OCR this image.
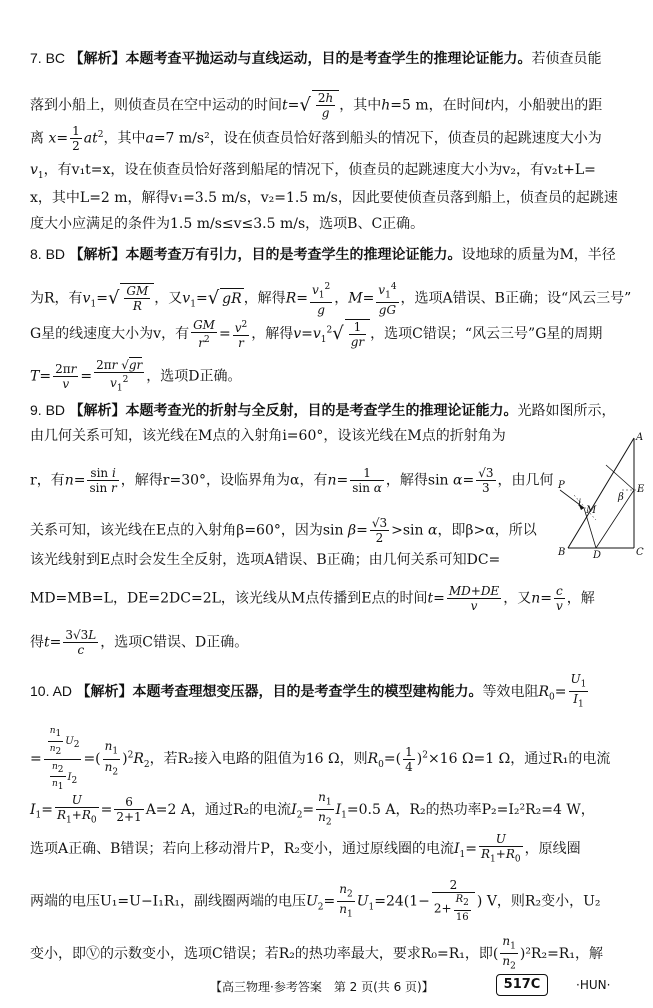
7. BC 【解析】本题考查平抛运动与直线运动，目的是考查学生的推理论证能力。若侦查员能
落到小船上，则侦查员在空中运动的时间$t=√ \frac{2h}{g}$ ，其中h=5 m，在时间t内，小船驶出的距
离 $x= \frac{1}{2} at^2$，其中a=7 m/s²，设在侦查员恰好落到船头的情况下，侦查员的起跳速度大小为
$v_1$，有v₁t=x，设在侦查员恰好落到船尾的情况下，侦查员的起跳速度大小为v₂，有v₂t+L=
x，其中L=2 m，解得v₁=3.5 m/s，v₂=1.5 m/s，因此要使侦查员落到船上，侦查员的起跳速
度大小应满足的条件为1.5 m/s≤v≤3.5 m/s，选项B、C正确。
8. BD 【解析】本题考查万有引力，目的是考查学生的推理论证能力。设地球的质量为M，半径
为R，有$v_1=√ \frac{GM}{R}$ ，又$v_1=√$ gR ，解得$R= \frac{v_1^2}{g}$ ，$M= \frac{v_1^4}{gG}$ ，选项A错误、B正确；设“风云三号”
G星的线速度大小为v，有 $\frac{GM}{r^2} = \frac{v^2}{r}$ ，解得$v=v_1^2√ \frac{1}{gr}$ ，选项C错误；“风云三号”G星的周期
$T= \frac{2\pi r}{v} = \frac{2\pi r √gr}{v_1^2}$ ，选项D正确。
9. BD 【解析】本题考查光的折射与全反射，目的是考查学生的推理论证能力。光路如图所示，
由几何关系可知，该光线在M点的入射角i=60°，设该光线在M点的折射角为
r，有$n= \frac{\text{sin i}}{\text{sin r}}$ ，解得r=30°，设临界角为α，有$n= \frac{1}{\text{sin α}}$ ，解得$\sin \alpha= \frac{√3}{3}$ ，由几何
关系可知，该光线在E点的入射角β=60°，因为$\sin \beta= \frac{√3}{2} >\sin$ α，即β>α，所以
该光线射到E点时会发生全反射，选项A错误、B正确；由几何关系可知DC=
MD=MB=L，DE=2DC=2L，该光线从M点传播到E点的时间$t= \frac{MD+DE}{v}$ ，又$n= \frac{c}{v}$ ，解
得$t= \frac{3√3L}{c}$ ，选项C错误、D正确。
A
B	C
D
E
M
P
i
β
10. AD 【解析】本题考查理想变压器，目的是考查学生的模型建构能力。等效电阻$R_0= \frac{U_1}{I_1}$
= $\frac{\frac{n_1}{n_2} U_2}{\frac{n_2}{n_1} I_2}$ =( $\frac{n_1}{n_2} )^2R_2$，若R₂接入电路的阻值为16 Ω，则$R_0=( \frac{1}{4} )^2\times 16$ Ω=1 Ω，通过R₁的电流
$I_1= \frac{U}{R_1+R_0} = \frac{6}{2+1} A=2$ A，通过R₂的电流$I_2= \frac{n_1}{n_2} I_1=0.5$ A，R₂的热功率P₂=I₂²R₂=4 W，
选项A正确、B错误；若向上移动滑片P，R₂变小，通过原线圈的电流$I_1= \frac{U}{R_1+R_0}$ ，原线圈
两端的电压U₁=U−I₁R₁，副线圈两端的电压$U_2= \frac{n_2}{n_1} U_1=24(1- \frac{2}{2+ \frac{R_2}{16}}$ ) V，则R₂变小，U₂
变小，即Ⓥ的示数变小，选项C错误；若R₂的热功率最大，要求R₀=R₁，即( $\frac{n_1}{n_2} )^2R_2=R_1$，解
【高三物理·参考答案　第 2 页(共 6 页)】	517C	·HUN·
